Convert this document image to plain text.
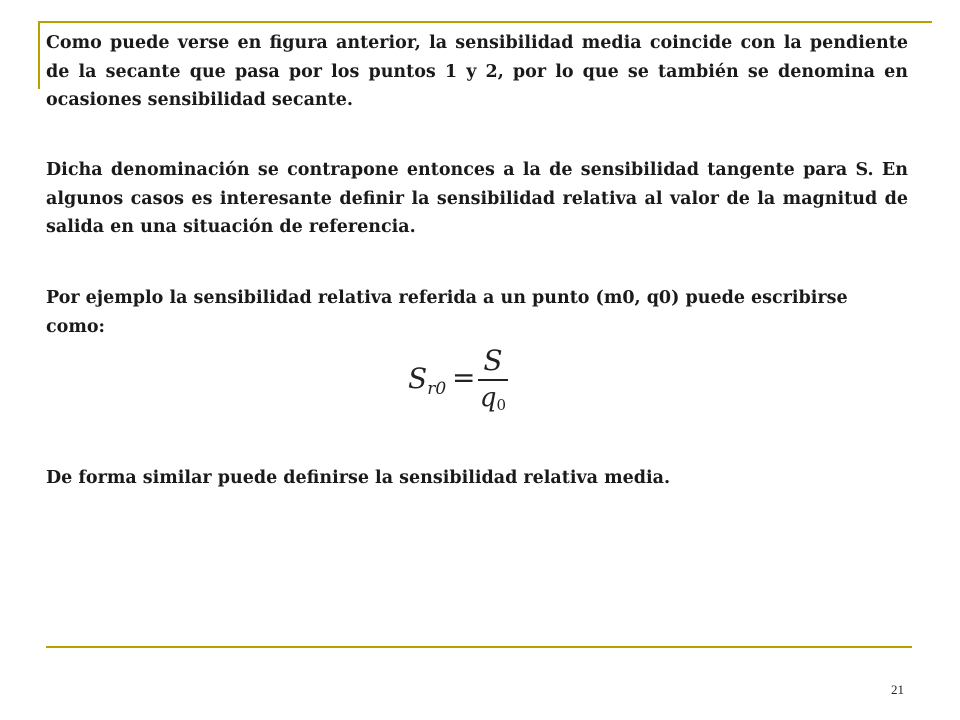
Como puede verse en figura anterior, la sensibilidad media coincide con la pendiente de la secante que pasa por los puntos 1 y 2, por lo que se también se denomina en ocasiones sensibilidad secante.

Dicha denominación se contrapone entonces a la de sensibilidad tangente para S. En algunos casos es interesante definir la sensibilidad relativa al valor de la magnitud de salida en una situación de referencia.

Por ejemplo la sensibilidad relativa referida a un punto (m0, q0) puede escribirse como:

$S_{r0}$ =
S
$q_0$

De forma similar puede definirse la sensibilidad relativa media.

21
